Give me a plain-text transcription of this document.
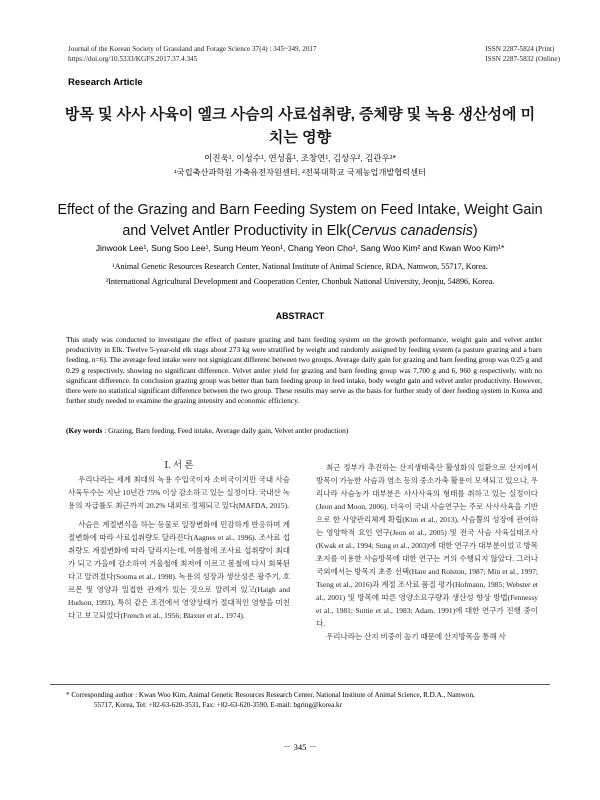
Journal of the Korean Society of Grassland and Forage Science 37(4) : 345~349, 2017
https://doi.org/10.5333/KGFS.2017.37.4.345
ISSN 2287-5824 (Print)
ISSN 2287-5832 (Online)
Research Article
방목 및 사사 사육이 엘크 사슴의 사료섭취량, 증체량 및 녹용 생산성에 미치는 영향
이진욱¹, 이성수¹, 연성흠¹, 조창연¹, 김상우², 김관우¹*
¹국립축산과학원 가축유전자원센터, ²전북대학교 국제농업개발협력센터
Effect of the Grazing and Barn Feeding System on Feed Intake, Weight Gain and Velvet Antler Productivity in Elk(Cervus canadensis)
Jinwook Lee¹, Sung Soo Lee¹, Sung Heum Yeon¹, Chang Yeon Cho¹, Sang Woo Kim² and Kwan Woo Kim¹*
¹Animal Genetic Resources Research Center, National Institute of Animal Science, RDA, Namwon, 55717, Korea.
²International Agricultural Development and Cooperation Center, Chonbuk National University, Jeonju, 54896, Korea.
ABSTRACT

This study was conducted to investigate the effect of pasture grazing and barn feeding system on the growth performance, weight gain and velvet antler productivity in Elk. Twelve 5-year-old elk stags about 273 kg were stratified by weight and randomly assigned by feeding system (a pasture grazing and a barn feeding, n=6). The average feed intake were not signigicant differenc between two groups. Average daily gain for grazing and barn feeding group was 0.25 g and 0.29 g respectively, showing no significant difference. Velvet antler yield for grazing and barn feeding group was 7,700 g and 6, 960 g respectively, with no significant difference. In conclusion grazing group was better than barn feeding group in feed intake, body weight gain and velvet antler productivity. However, there were no statistical significant difference between the two group. These results may serve as the basis for further study of deer feeding system in Korea and further study needed to examine the grazing intensity and economic efficiency.

(Key words : Grazing, Barn feeding, Feed intake, Average daily gain, Velvet antler production)

Ⅰ. 서 론

우리나라는 세계 최대의 녹용 수입국이자 소비국이지만 국내 사슴 사육두수는 지난 10년간 75% 이상 감소하고 있는 실정이다. 국내산 녹용의 자급률도 최근까지 20.2% 내외로 정체되고 있다(MAFDA, 2015).

사슴은 계절변식을 하는 동물로 일장변화에 민감하게 반응하며 계절변화에 따라 사료섭취량도 달라진다(Aagnes et al., 1996). 조사료 섭취량도 계절변화에 따라 달라지는데, 여름철에 조사료 섭취량이 최대가 되고 가을에 감소하여 겨울철에 최저에 이르고 봄철에 다시 회복된다고 알려졌다(Souma et al., 1998). 녹용의 성장과 생산성은 광주기, 호르몬 및 영양과 밀접한 관계가 있는 것으로 알려져 있고(Haigh and Hudson, 1993), 특히 같은 조건에서 영양상태가 절대적인 영향을 미친다고 보고되었다(French et al., 1956; Blaxter et al., 1974).

최근 정부가 추진하는 산지생태축산 활성화의 일환으로 산지에서 방목이 가능한 사슴과 염소 등의 중소가축 활용이 모색되고 있으나, 우리나라 사슴농가 대부분은 사사사육의 형태를 취하고 있는 실정이다(Jeon and Moon, 2006). 더욱이 국내 사슴연구는 주로 사사사육을 기반으로 한 사양관리체계 확립(Kim et al., 2013), 사슴뿔의 성장에 관여하는 영양학적 요인 연구(Jeon et al., 2005) 및 전국 사슴 사육실태조사(Kwak et al., 1994; Sung et al., 2003)에 대한 연구가 대부분이었고 방목초지를 이용한 사슴방목에 대한 연구는 거의 수행되지 않았다. 그러나 국외에서는 방목지 초종 선택(Hare and Rolston, 1987; Min et al., 1997; Tseng et al., 2016)과 계절 조사료 품질 평가(Hofmann, 1985; Webster et al., 2001) 및 방목에 따른 영양소요구량과 생산성 향상 방법(Fennessy et al., 1981; Suttie et al., 1983; Adam, 1991)에 대한 연구가 진행 중이다.

우리나라는 산지 비중이 높기 때문에 산지방목을 통해 사

* Corresponding author : Kwan Woo Kim, Animal Genetic Resources Research Center, National Institute of Animal Science, R.D.A., Namwon,
55717, Korea, Tel: +82-63-620-3531, Fax: +82-63-620-3590, E-mail: bgring@korea.kr
－ 345 －
